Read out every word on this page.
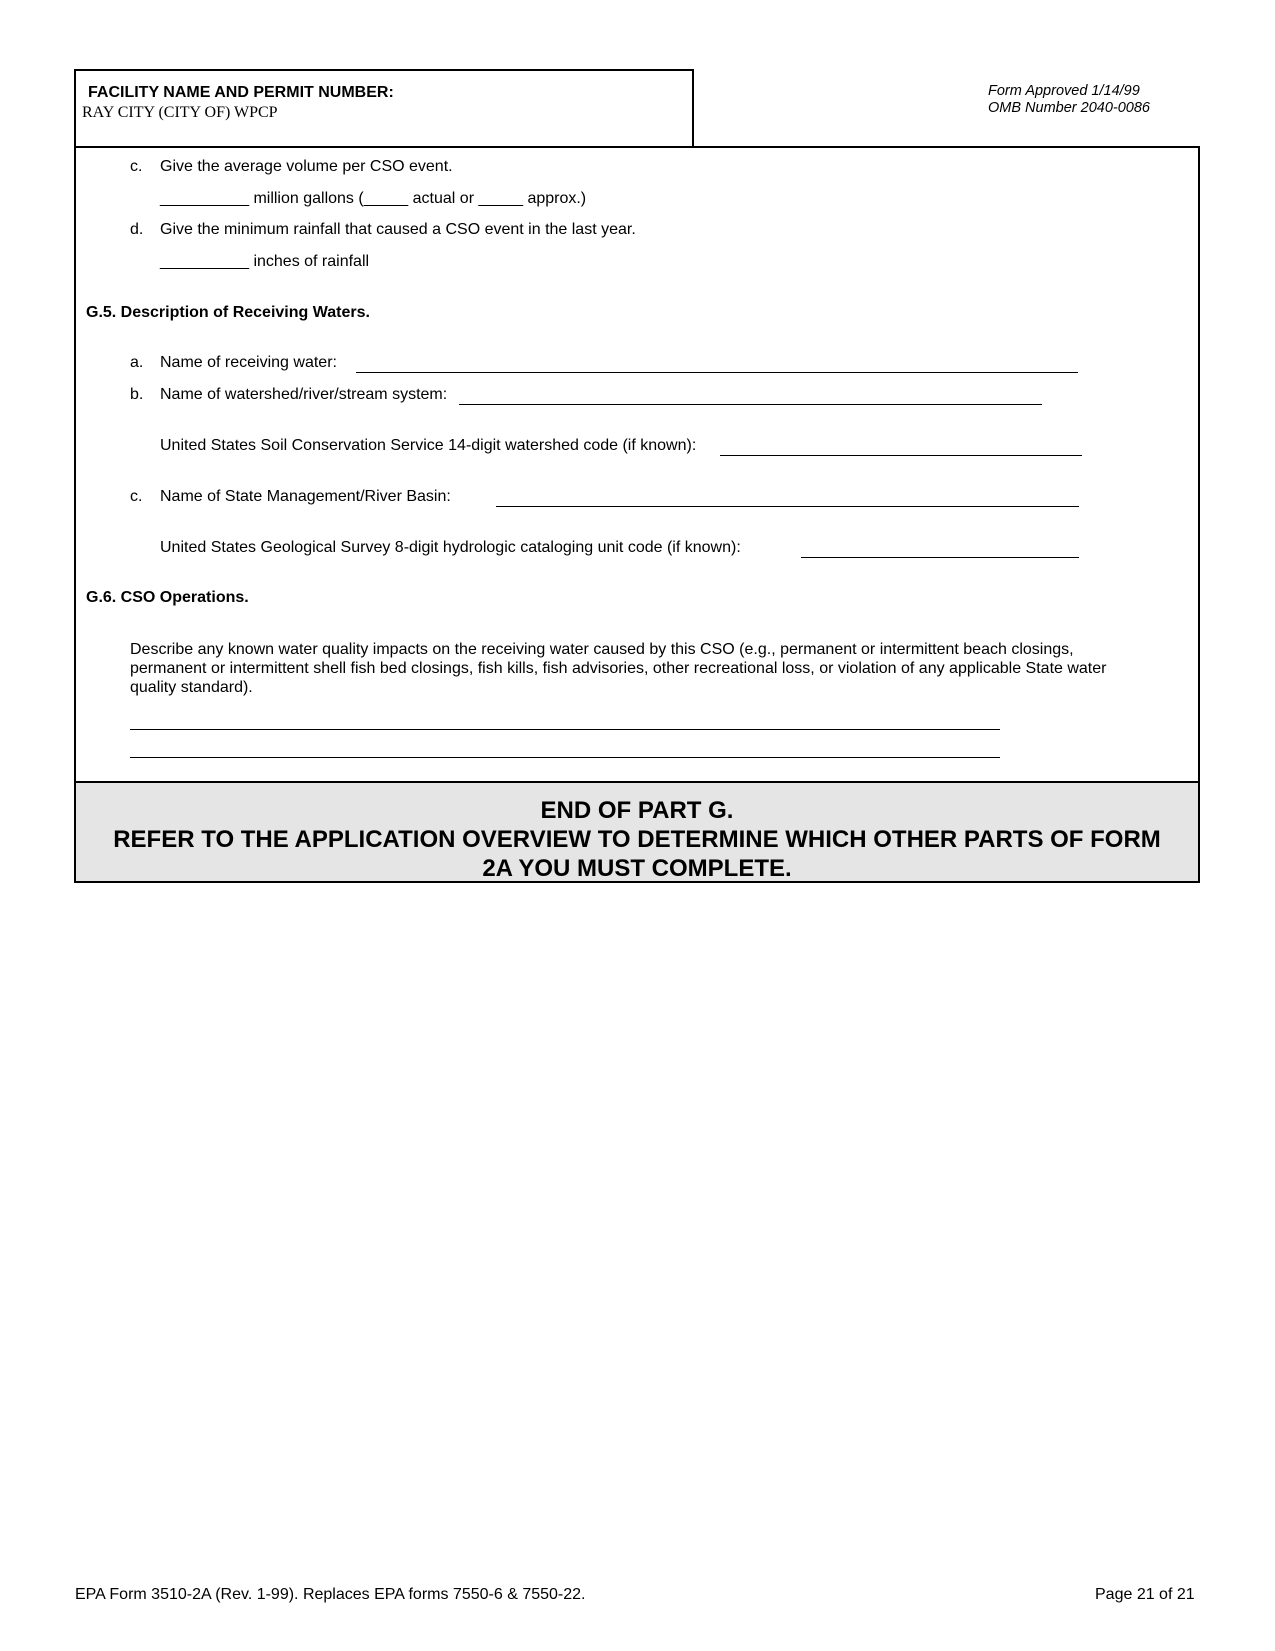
FACILITY NAME AND PERMIT NUMBER:
RAY CITY (CITY OF) WPCP
Form Approved 1/14/99
OMB Number 2040-0086
c. Give the average volume per CSO event.
__________ million gallons (_____ actual or _____ approx.)
d. Give the minimum rainfall that caused a CSO event in the last year.
__________ inches of rainfall
G.5. Description of Receiving Waters.
a. Name of receiving water:
b. Name of watershed/river/stream system:
United States Soil Conservation Service 14-digit watershed code (if known):
c. Name of State Management/River Basin:
United States Geological Survey 8-digit hydrologic cataloging unit code (if known):
G.6. CSO Operations.
Describe any known water quality impacts on the receiving water caused by this CSO (e.g., permanent or intermittent beach closings,
permanent or intermittent shell fish bed closings, fish kills, fish advisories, other recreational loss, or violation of any applicable State water
quality standard).
END OF PART G.
REFER TO THE APPLICATION OVERVIEW TO DETERMINE WHICH OTHER PARTS OF FORM
2A YOU MUST COMPLETE.
EPA Form 3510-2A (Rev. 1-99). Replaces EPA forms 7550-6 & 7550-22.	Page 21 of 21
